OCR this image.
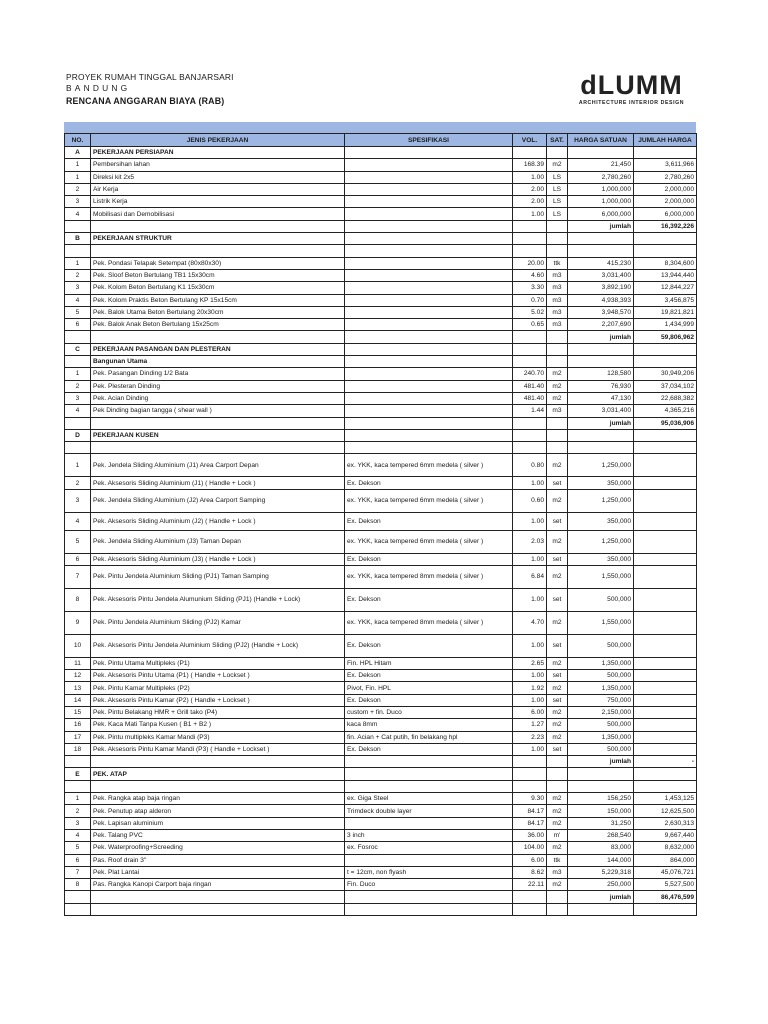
PROYEK RUMAH TINGGAL BANJARSARI
BANDUNG
RENCANA ANGGARAN BIAYA (RAB)
dLUMM
ARCHITECTURE INTERIOR DESIGN
NO.	JENIS PEKERJAAN	SPESIFIKASI	VOL.	SAT.	HARGA SATUAN	JUMLAH HARGA
A	PEKERJAAN PERSIAPAN					
1	Pembersihan lahan		168.39	m2	21,450	3,611,966
1	Direksi kit 2x5		1.00	LS	2,780,260	2,780,260
2	Air Kerja		2.00	LS	1,000,000	2,000,000
3	Listrik Kerja		2.00	LS	1,000,000	2,000,000
4	Mobilisasi dan Demobilisasi		1.00	LS	6,000,000	6,000,000
					jumlah	16,392,226
B	PEKERJAAN STRUKTUR					

1	Pek. Pondasi Telapak Setempat (80x80x30)		20.00	ttk	415,230	8,304,600
2	Pek. Sloof Beton Bertulang TB1 15x30cm		4.60	m3	3,031,400	13,944,440
3	Pek. Kolom Beton Bertulang K1 15x30cm		3.30	m3	3,892,190	12,844,227
4	Pek. Kolom Praktis Beton Bertulang KP 15x15cm		0.70	m3	4,938,393	3,456,875
5	Pek. Balok Utama Beton Bertulang 20x30cm		5.02	m3	3,948,570	19,821,821
6	Pek. Balok Anak Beton Bertulang 15x25cm		0.65	m3	2,207,690	1,434,999
					jumlah	59,806,962
C	PEKERJAAN PASANGAN DAN PLESTERAN					
	Bangunan Utama					
1	Pek. Pasangan Dinding 1/2 Bata		240.70	m2	128,580	30,949,206
2	Pek. Plesteran Dinding		481.40	m2	76,930	37,034,102
3	Pek. Acian Dinding		481.40	m2	47,130	22,688,382
4	Pek Dinding bagian tangga ( shear wall )		1.44	m3	3,031,400	4,365,216
					jumlah	95,036,906
D	PEKERJAAN KUSEN					

1	Pek. Jendela Sliding Aluminium (J1) Area Carport Depan	ex. YKK, kaca tempered 6mm medela ( silver )	0.80	m2	1,250,000	
2	Pek. Aksesoris Sliding Aluminium (J1) ( Handle + Lock )	Ex. Dekson	1.00	set	350,000	
3	Pek. Jendela Sliding Aluminium (J2) Area Carport Samping	ex. YKK, kaca tempered 6mm medela ( silver )	0.60	m2	1,250,000	
4	Pek. Aksesoris Sliding Aluminium (J2) ( Handle + Lock )	Ex. Dekson	1.00	set	350,000	
5	Pek. Jendela Sliding Aluminium (J3) Taman Depan	ex. YKK, kaca tempered 6mm medela ( silver )	2.03	m2	1,250,000	
6	Pek. Aksesoris Sliding Aluminium (J3) ( Handle + Lock )	Ex. Dekson	1.00	set	350,000	
7	Pek. Pintu Jendela Aluminium Sliding (PJ1) Taman Samping	ex. YKK, kaca tempered 8mm medela ( silver )	6.84	m2	1,550,000	
8	Pek. Aksesoris Pintu Jendela Alumunium Sliding (PJ1) (Handle + Lock)	Ex. Dekson	1.00	set	500,000	
9	Pek. Pintu Jendela Aluminium Sliding (PJ2) Kamar	ex. YKK, kaca tempered 8mm medela ( silver )	4.70	m2	1,550,000	
10	Pek. Aksesoris Pintu Jendela Aluminium Sliding (PJ2) (Handle + Lock)	Ex. Dekson	1.00	set	500,000	
11	Pek. Pintu Utama Multipleks (P1)	Fin. HPL Hitam	2.65	m2	1,350,000	
12	Pek. Aksesoris Pintu Utama (P1) ( Handle + Lockset )	Ex. Dekson	1.00	set	500,000	
13	Pek. Pintu Kamar Multipleks (P2)	Pivot, Fin. HPL	1.92	m2	1,350,000	
14	Pek. Aksesoris Pintu Kamar (P2) ( Handle + Lockset )	Ex. Dekson	1.00	set	750,000	
15	Pek. Pintu Belakang HMR + Grill tako (P4)	custom + fin. Duco	6.00	m2	2,150,000	
16	Pek. Kaca Mati Tanpa Kusen ( B1 + B2 )	kaca 8mm	1.27	m2	500,000	
17	Pek. Pintu multipleks Kamar Mandi (P3)	fin. Acian + Cat putih, fin belakang hpl	2.23	m2	1,350,000	
18	Pek. Aksesoris Pintu Kamar Mandi (P3) ( Handle + Lockset )	Ex. Dekson	1.00	set	500,000	
					jumlah	-
E	PEK. ATAP					

1	Pek. Rangka atap baja ringan	ex. Giga Steel	9.30	m2	156,250	1,453,125
2	Pek. Penutup atap alderon	Trimdeck double layer	84.17	m2	150,000	12,625,500
3	Pek. Lapisan aluminium		84.17	m2	31,250	2,630,313
4	Pek. Talang PVC	3 inch	36.00	m'	268,540	9,667,440
5	Pek. Waterproofing+Screeding	ex. Fosroc	104.00	m2	83,000	8,632,000
6	Pas. Roof drain 3"		6.00	ttk	144,000	864,000
7	Pek. Plat Lantai	t = 12cm, non flyash	8.62	m3	5,229,318	45,076,721
8	Pas. Rangka Kanopi Carport baja ringan	Fin. Duco	22.11	m2	250,000	5,527,500
					jumlah	86,476,599
